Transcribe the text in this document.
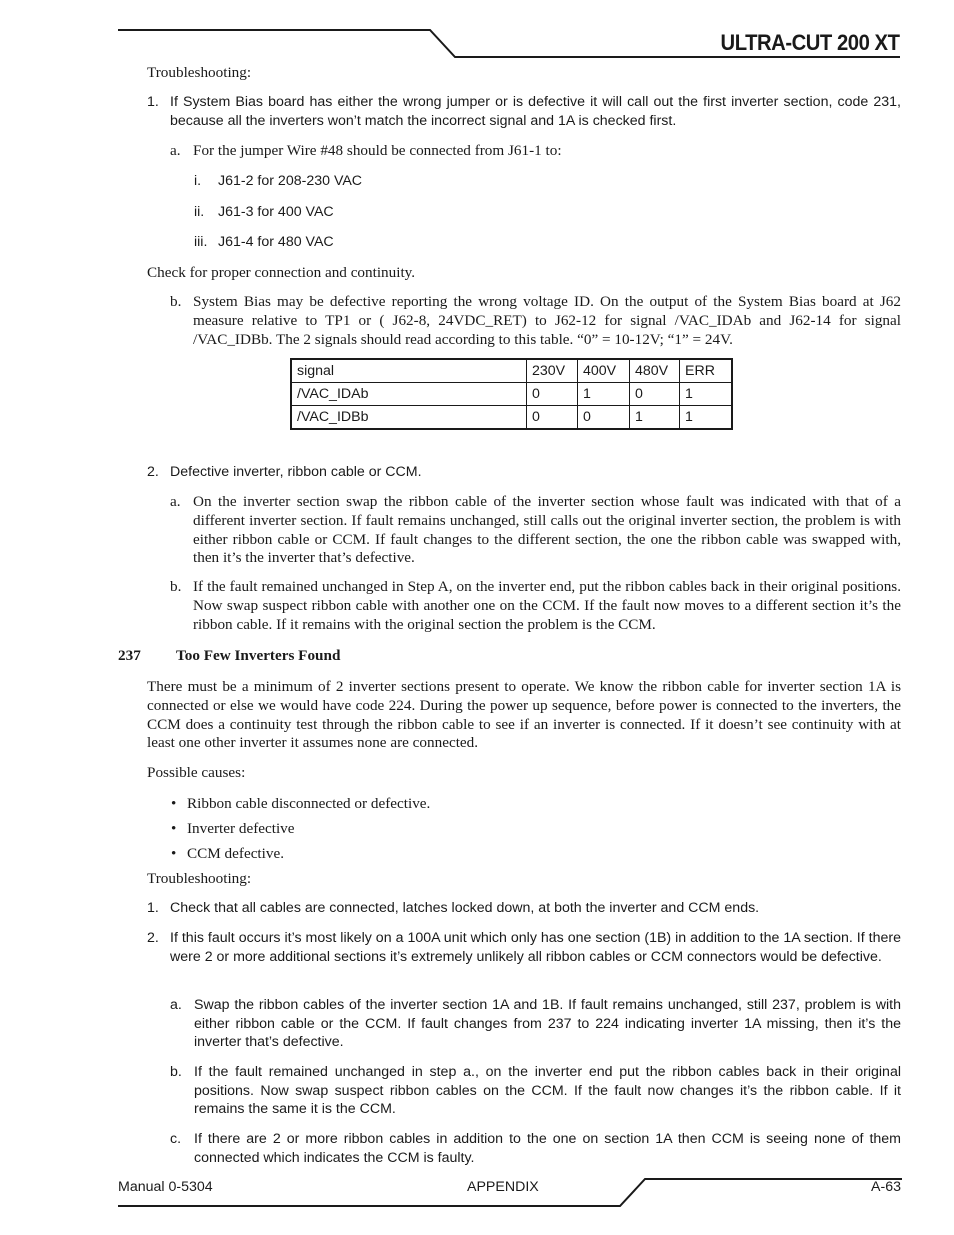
ULTRA-CUT 200 XT
Troubleshooting:
1. If System Bias board has either the wrong jumper or is defective it will call out the first inverter section, code 231, because all the inverters won’t match the incorrect signal and 1A is checked first.
a. For the jumper Wire #48 should be connected from J61-1 to:
i. J61-2 for 208-230 VAC
ii. J61-3 for 400 VAC
iii. J61-4 for 480 VAC
Check for proper connection and continuity.
b. System Bias may be defective reporting the wrong voltage ID. On the output of the System Bias board at J62 measure relative to TP1 or ( J62-8, 24VDC_RET) to J62-12 for signal /VAC_IDAb and J62-14 for signal /VAC_IDBb. The 2 signals should read according to this table. “0” = 10-12V; “1” = 24V.
signal	230V	400V	480V	ERR
/VAC_IDAb	0	1	0	1
/VAC_IDBb	0	0	1	1
2. Defective inverter, ribbon cable or CCM.
a. On the inverter section swap the ribbon cable of the inverter section whose fault was indicated with that of a different inverter section. If fault remains unchanged, still calls out the original inverter section, the problem is with either ribbon cable or CCM. If fault changes to the different section, the one the ribbon cable was swapped with, then it’s the inverter that’s defective.
b. If the fault remained unchanged in Step A, on the inverter end, put the ribbon cables back in their original positions. Now swap suspect ribbon cable with another one on the CCM. If the fault now moves to a different section it’s the ribbon cable. If it remains with the original section the problem is the CCM.
237 Too Few Inverters Found
There must be a minimum of 2 inverter sections present to operate. We know the ribbon cable for inverter section 1A is connected or else we would have code 224. During the power up sequence, before power is connected to the inverters, the CCM does a continuity test through the ribbon cable to see if an inverter is connected. If it doesn’t see continuity with at least one other inverter it assumes none are connected.
Possible causes:
• Ribbon cable disconnected or defective.
• Inverter defective
• CCM defective.
Troubleshooting:
1. Check that all cables are connected, latches locked down, at both the inverter and CCM ends.
2. If this fault occurs it’s most likely on a 100A unit which only has one section (1B) in addition to the 1A section. If there were 2 or more additional sections it’s extremely unlikely all ribbon cables or CCM connectors would be defective.
a. Swap the ribbon cables of the inverter section 1A and 1B. If fault remains unchanged, still 237, problem is with either ribbon cable or the CCM. If fault changes from 237 to 224 indicating inverter 1A missing, then it’s the inverter that’s defective.
b. If the fault remained unchanged in step a., on the inverter end put the ribbon cables back in their original positions. Now swap suspect ribbon cables on the CCM. If the fault now changes it’s the ribbon cable. If it remains the same it is the CCM.
c. If there are 2 or more ribbon cables in addition to the one on section 1A then CCM is seeing none of them connected which indicates the CCM is faulty.
Manual 0-5304	APPENDIX	A-63
